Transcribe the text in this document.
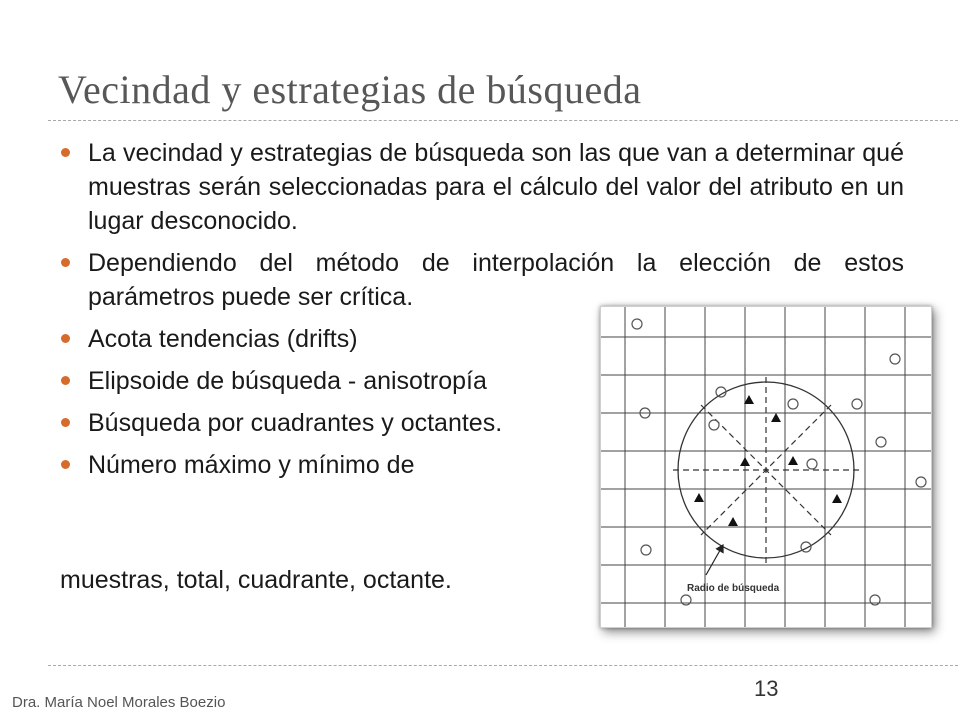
Vecindad y estrategias de búsqueda
La vecindad y estrategias de búsqueda son las que van a determinar qué muestras serán seleccionadas para el cálculo del valor del atributo en un lugar desconocido.
Dependiendo del método de interpolación la elección de estos parámetros puede ser crítica.
Acota tendencias (drifts)
Elipsoide de búsqueda - anisotropía
Búsqueda por cuadrantes y octantes.
Número máximo y mínimo de

muestras, total, cuadrante, octante.	Radio de búsqueda

Dra. María Noel Morales Boezio

13
